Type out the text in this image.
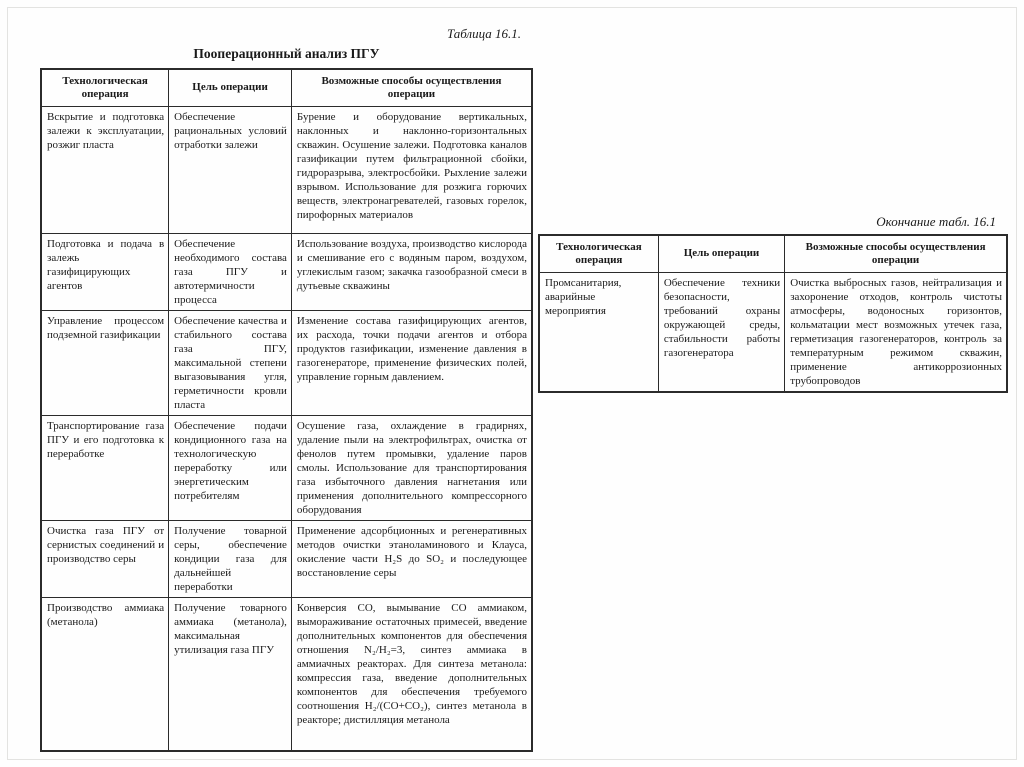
Таблица 16.1.
Пооперационный анализ ПГУ
Технологическая операция	Цель операции	Возможные способы осуществления операции
Вскрытие и подготовка залежи к эксплуатации, розжиг пласта	Обеспечение рациональных условий отработки залежи	Бурение и оборудование вертикальных, наклонных и наклонно-горизонтальных скважин. Осушение залежи. Подготовка каналов газификации путем фильтрационной сбойки, гидроразрыва, электросбойки. Рыхление залежи взрывом. Использование для розжига горючих веществ, электронагревателей, газовых горелок, пирофорных материалов
Подготовка и подача в залежь газифицирующих агентов	Обеспечение необходимого состава газа ПГУ и автотермичности процесса	Использование воздуха, производство кислорода и смешивание его с водяным паром, воздухом, углекислым газом; закачка газообразной смеси в дутьевые скважины
Управление процессом подземной газификации	Обеспечение качества и стабильного состава газа ПГУ, максимальной степени выгазовывания угля, герметичности кровли пласта	Изменение состава газифицирующих агентов, их расхода, точки подачи агентов и отбора продуктов газификации, изменение давления в газогенераторе, применение физических полей, управление горным давлением.
Транспортирование газа ПГУ и его подготовка к переработке	Обеспечение подачи кондиционного газа на технологическую переработку или энергетическим потребителям	Осушение газа, охлаждение в градирнях, удаление пыли на электрофильтрах, очистка от фенолов путем промывки, удаление паров смолы. Использование для транспортирования газа избыточного давления нагнетания или применения дополнительного компрессорного оборудования
Очистка газа ПГУ от сернистых соединений и производство серы	Получение товарной серы, обеспечение кондиции газа для дальнейшей переработки	Применение адсорбционных и регенеративных методов очистки этаноламинового и Клауса, окисление части H₂S до SO₂ и последующее восстановление серы
Производство аммиака (метанола)	Получение товарного аммиака (метанола), максимальная утилизация газа ПГУ	Конверсия CO, вымывание CO аммиаком, вымораживание остаточных примесей, введение дополнительных компонентов для обеспечения отношения N₂/H₂=3, синтез аммиака в аммиачных реакторах. Для синтеза метанола: компрессия газа, введение дополнительных компонентов для обеспечения требуемого соотношения H₂/(CO+CO₂), синтез метанола в реакторе; дистилляция метанола
Окончание табл. 16.1
Технологическая операция	Цель операции	Возможные способы осуществления операции
Промсанитария, аварийные мероприятия	Обеспечение техники безопасности, требований охраны окружающей среды, стабильности работы газогенератора	Очистка выбросных газов, нейтрализация и захоронение отходов, контроль чистоты атмосферы, водоносных горизонтов, кольматации мест возможных утечек газа, герметизация газогенераторов, контроль за температурным режимом скважин, применение антикоррозионных трубопроводов
